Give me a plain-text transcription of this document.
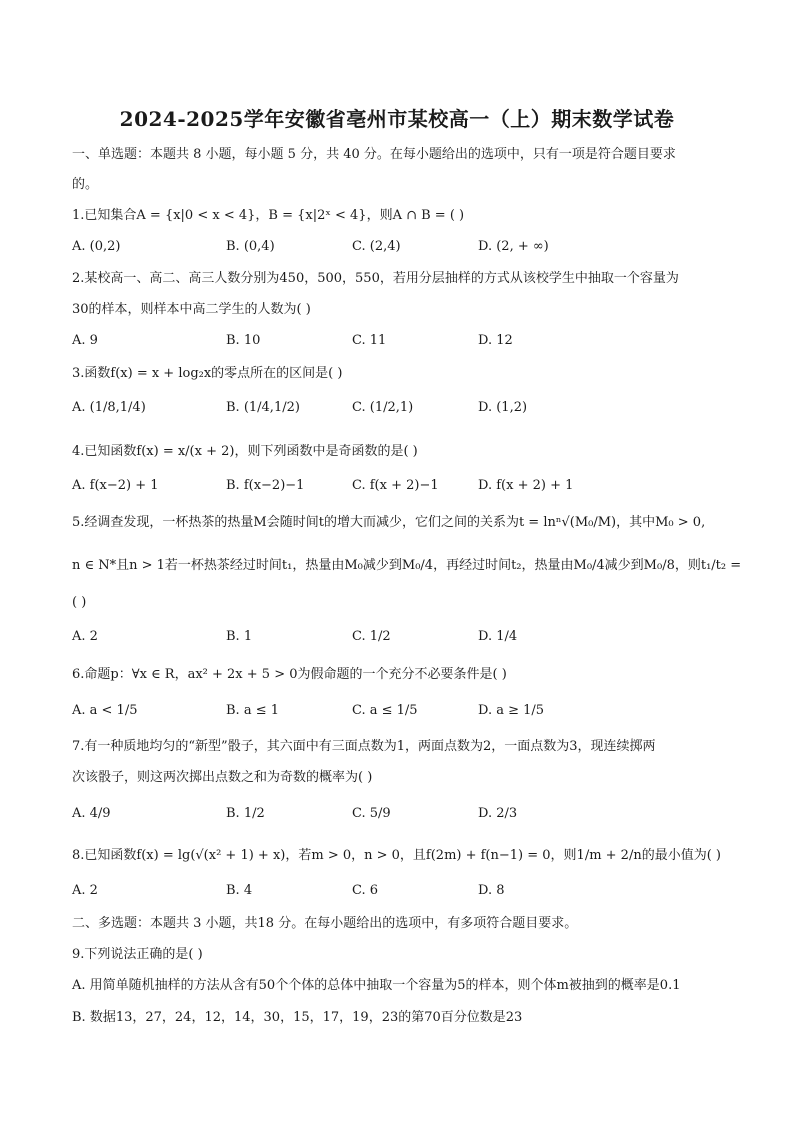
2024-2025学年安徽省亳州市某校高一（上）期末数学试卷
一、单选题：本题共 8 小题，每小题 5 分，共 40 分。在每小题给出的选项中，只有一项是符合题目要求
的。
1.已知集合A = {x|0 < x < 4}，B = {x|2ˣ < 4}，则A ∩ B = ( )
A. (0,2)	B. (0,4)	C. (2,4)	D. (2, + ∞)
2.某校高一、高二、高三人数分别为450，500，550，若用分层抽样的方式从该校学生中抽取一个容量为
30的样本，则样本中高二学生的人数为( )
A. 9	B. 10	C. 11	D. 12
3.函数f(x) = x + log₂x的零点所在的区间是( )
A. (1/8,1/4)	B. (1/4,1/2)	C. (1/2,1)	D. (1,2)
4.已知函数f(x) = x/(x + 2)，则下列函数中是奇函数的是( )
A. f(x−2) + 1	B. f(x−2)−1	C. f(x + 2)−1	D. f(x + 2) + 1
5.经调查发现，一杯热茶的热量M会随时间t的增大而减少，它们之间的关系为t = lnⁿ√(M₀/M)，其中M₀ > 0,
n ∈ N*且n > 1若一杯热茶经过时间t₁，热量由M₀减少到M₀/4，再经过时间t₂，热量由M₀/4减少到M₀/8，则t₁/t₂ =
( )
A. 2	B. 1	C. 1/2	D. 1/4
6.命题p：∀x ∈ R，ax² + 2x + 5 > 0为假命题的一个充分不必要条件是( )
A. a < 1/5	B. a ≤ 1	C. a ≤ 1/5	D. a ≥ 1/5
7.有一种质地均匀的“新型”骰子，其六面中有三面点数为1，两面点数为2，一面点数为3，现连续掷两
次该骰子，则这两次掷出点数之和为奇数的概率为( )
A. 4/9	B. 1/2	C. 5/9	D. 2/3
8.已知函数f(x) = lg(√(x² + 1) + x)，若m > 0，n > 0，且f(2m) + f(n−1) = 0，则1/m + 2/n的最小值为( )
A. 2	B. 4	C. 6	D. 8
二、多选题：本题共 3 小题，共18 分。在每小题给出的选项中，有多项符合题目要求。
9.下列说法正确的是( )
A. 用简单随机抽样的方法从含有50个个体的总体中抽取一个容量为5的样本，则个体m被抽到的概率是0.1
B. 数据13，27，24，12，14，30，15，17，19，23的第70百分位数是23
